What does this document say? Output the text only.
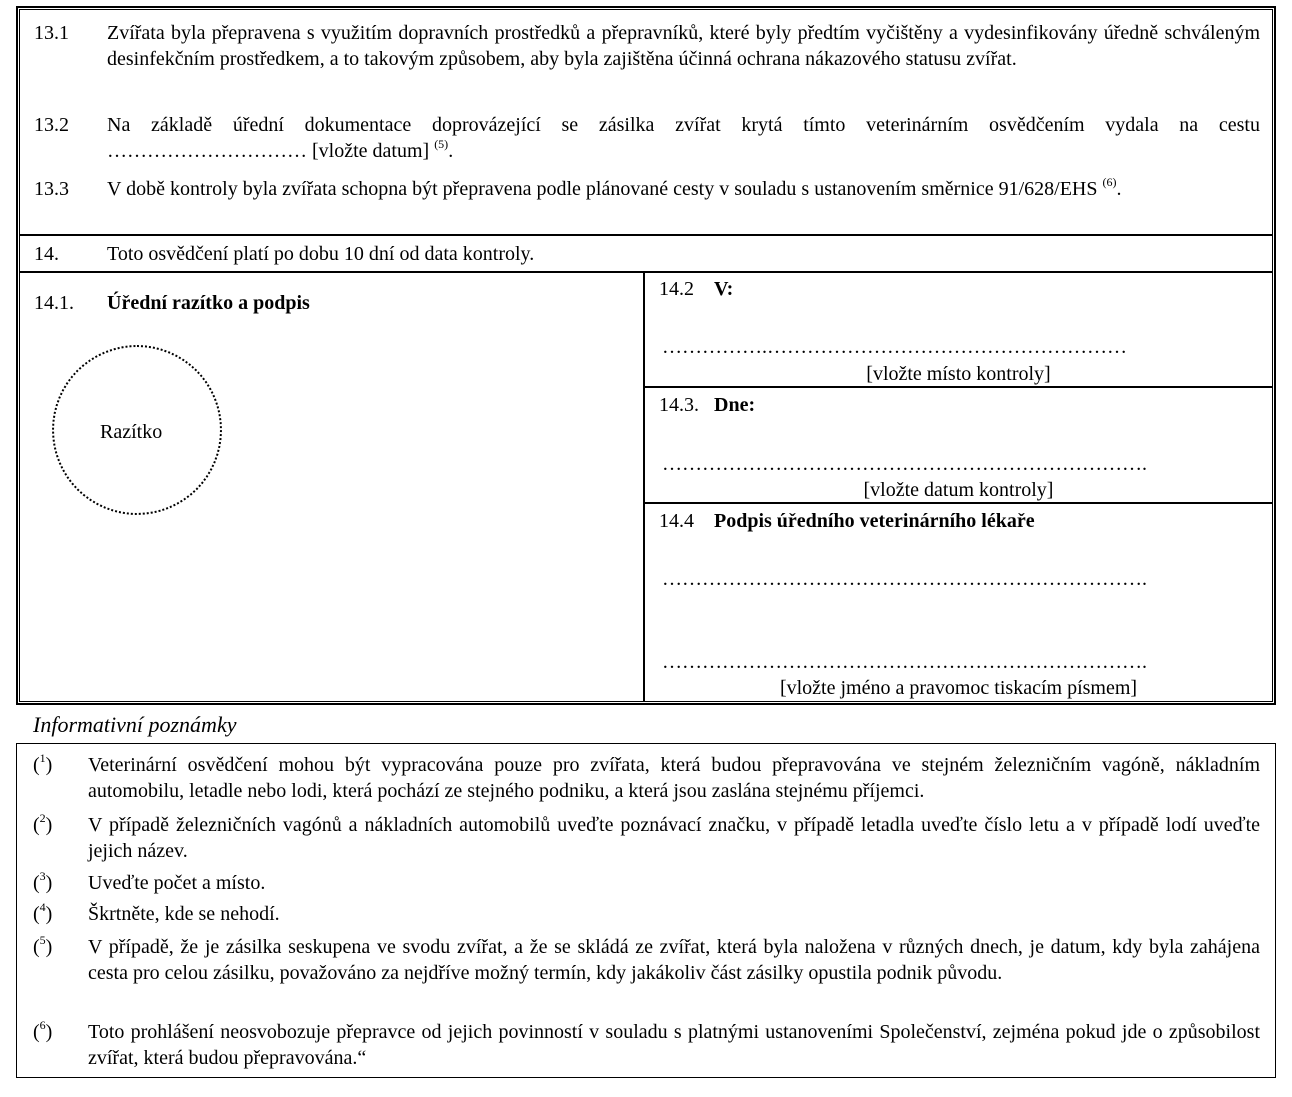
13.1 Zvířata byla přepravena s využitím dopravních prostředků a přepravníků, které byly předtím vyčištěny a vydesinfikovány úředně schváleným desinfekčním prostředkem, a to takovým způsobem, aby byla zajištěna účinná ochrana nákazového statusu zvířat.
13.2 Na základě úřední dokumentace doprovázející se zásilka zvířat krytá tímto veterinárním osvědčením vydala na cestu
………………………… [vložte datum] $^{(5)}$.
13.3 V době kontroly byla zvířata schopna být přepravena podle plánované cesty v souladu s ustanovením směrnice 91/628/EHS $^{(6)}$.
14. Toto osvědčení platí po dobu 10 dní od data kontroly.
14.1. Úřední razítko a podpis
Razítko
14.2 V:
…………….………………………………………………
[vložte místo kontroly]
14.3. Dne:
……………………………………………………………….
[vložte datum kontroly]
14.4 Podpis úředního veterinárního lékaře
……………………………………………………………….
……………………………………………………………….
[vložte jméno a pravomoc tiskacím písmem]
Informativní poznámky
($^1$) Veterinární osvědčení mohou být vypracována pouze pro zvířata, která budou přepravována ve stejném železničním vagóně, nákladním automobilu, letadle nebo lodi, která pochází ze stejného podniku, a která jsou zaslána stejnému příjemci.
($^2$) V případě železničních vagónů a nákladních automobilů uveďte poznávací značku, v případě letadla uveďte číslo letu a v případě lodí uveďte jejich název.
($^3$) Uveďte počet a místo.
($^4$) Škrtněte, kde se nehodí.
($^5$) V případě, že je zásilka seskupena ve svodu zvířat, a že se skládá ze zvířat, která byla naložena v různých dnech, je datum, kdy byla zahájena cesta pro celou zásilku, považováno za nejdříve možný termín, kdy jakákoliv část zásilky opustila podnik původu.
($^6$) Toto prohlášení neosvobozuje přepravce od jejich povinností v souladu s platnými ustanoveními Společenství, zejména pokud jde o způsobilost zvířat, která budou přepravována.“
